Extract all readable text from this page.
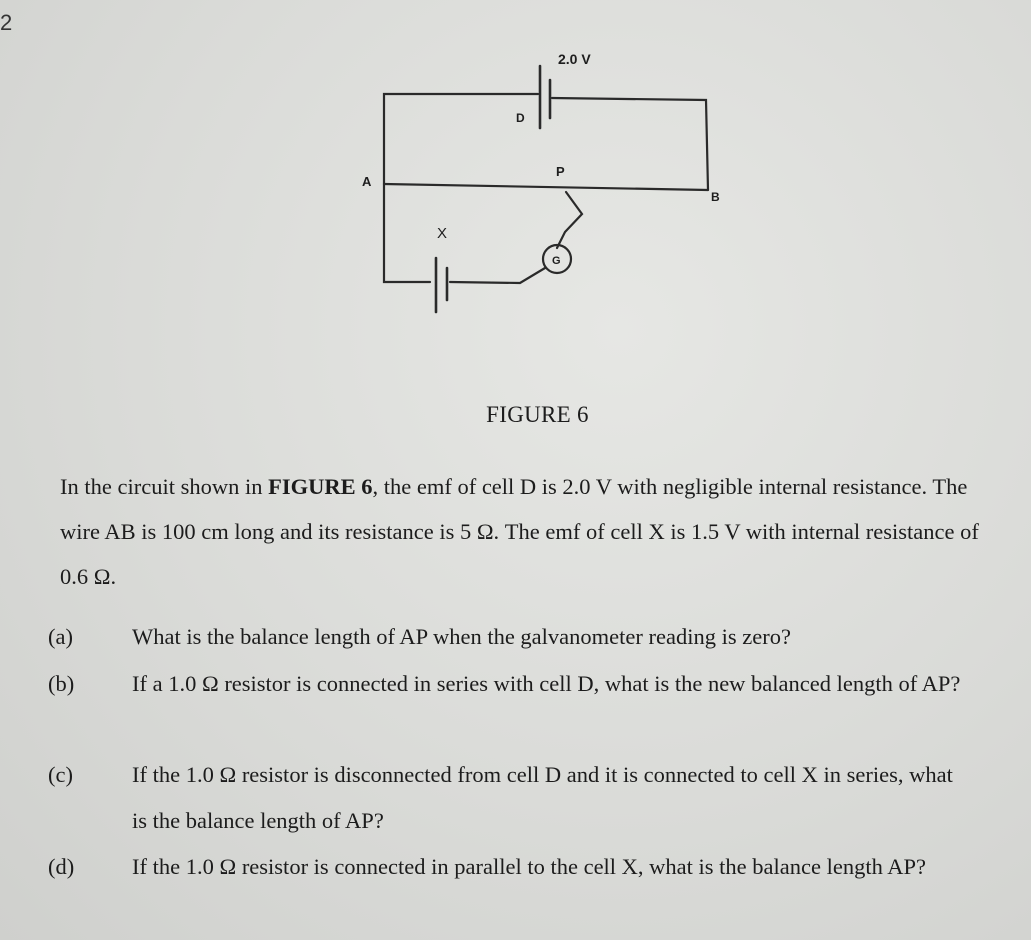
2
2.0 V
D
A
P
B
X
G
FIGURE 6
In the circuit shown in FIGURE 6, the emf of cell D is 2.0 V with negligible internal resistance. The wire AB is 100 cm long and its resistance is 5 Ω. The emf of cell X is 1.5 V with internal resistance of 0.6 Ω.
(a)	What is the balance length of AP when the galvanometer reading is zero?
(b)	If a 1.0 Ω resistor is connected in series with cell D, what is the new balanced length of AP?
(c)	If the 1.0 Ω resistor is disconnected from cell D and it is connected to cell X in series, what is the balance length of AP?
(d)	If the 1.0 Ω resistor is connected in parallel to the cell X, what is the balance length AP?
